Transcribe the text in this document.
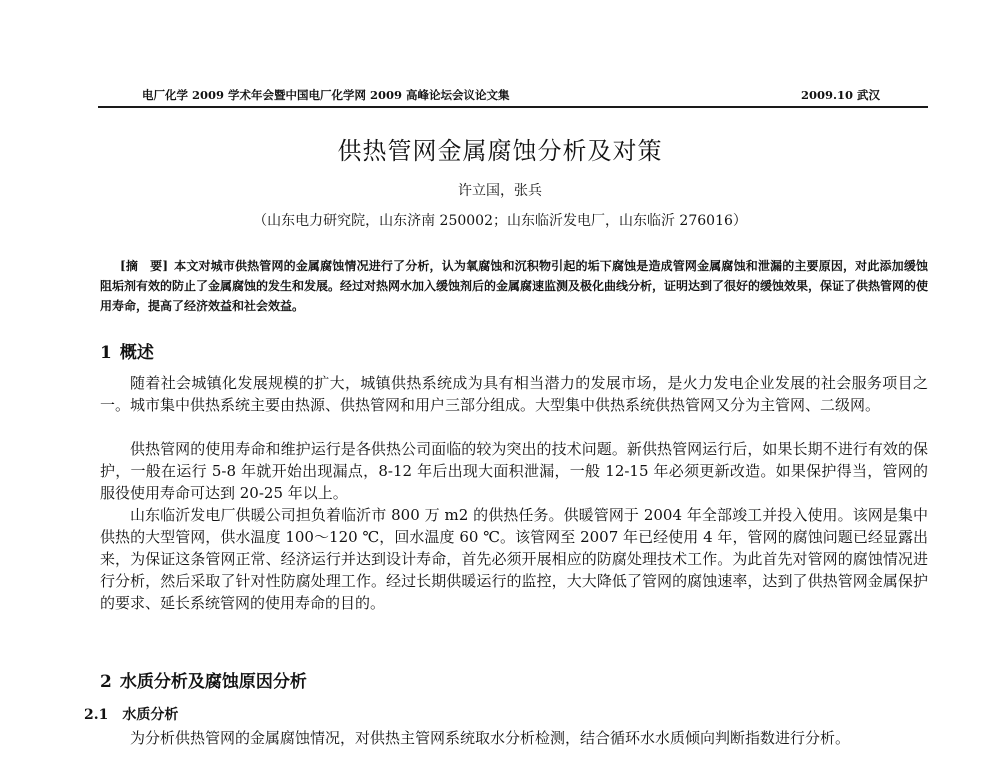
电厂化学 2009 学术年会暨中国电厂化学网 2009 高峰论坛会议论文集	2009.10 武汉
供热管网金属腐蚀分析及对策
许立国，张兵
（山东电力研究院，山东济南 250002；山东临沂发电厂，山东临沂 276016）

[摘　要] 本文对城市供热管网的金属腐蚀情况进行了分析，认为氧腐蚀和沉积物引起的垢下腐蚀是造成管网金属腐蚀和泄漏的主要原因，对此添加缓蚀阻垢剂有效的防止了金属腐蚀的发生和发展。经过对热网水加入缓蚀剂后的金属腐速监测及极化曲线分析，证明达到了很好的缓蚀效果，保证了供热管网的使用寿命，提高了经济效益和社会效益。

1 概述

随着社会城镇化发展规模的扩大，城镇供热系统成为具有相当潜力的发展市场，是火力发电企业发展的社会服务项目之一。城市集中供热系统主要由热源、供热管网和用户三部分组成。大型集中供热系统供热管网又分为主管网、二级网。

供热管网的使用寿命和维护运行是各供热公司面临的较为突出的技术问题。新供热管网运行后，如果长期不进行有效的保护，一般在运行 5-8 年就开始出现漏点，8-12 年后出现大面积泄漏，一般 12-15 年必须更新改造。如果保护得当，管网的服役使用寿命可达到 20-25 年以上。

山东临沂发电厂供暖公司担负着临沂市 800 万 m2 的供热任务。供暖管网于 2004 年全部竣工并投入使用。该网是集中供热的大型管网，供水温度 100～120 ℃，回水温度 60 ℃。该管网至 2007 年已经使用 4 年，管网的腐蚀问题已经显露出来，为保证这条管网正常、经济运行并达到设计寿命，首先必须开展相应的防腐处理技术工作。为此首先对管网的腐蚀情况进行分析，然后采取了针对性防腐处理工作。经过长期供暖运行的监控，大大降低了管网的腐蚀速率，达到了供热管网金属保护的要求、延长系统管网的使用寿命的目的。

2 水质分析及腐蚀原因分析
2.1 水质分析

为分析供热管网的金属腐蚀情况，对供热主管网系统取水分析检测，结合循环水水质倾向判断指数进行分析。
